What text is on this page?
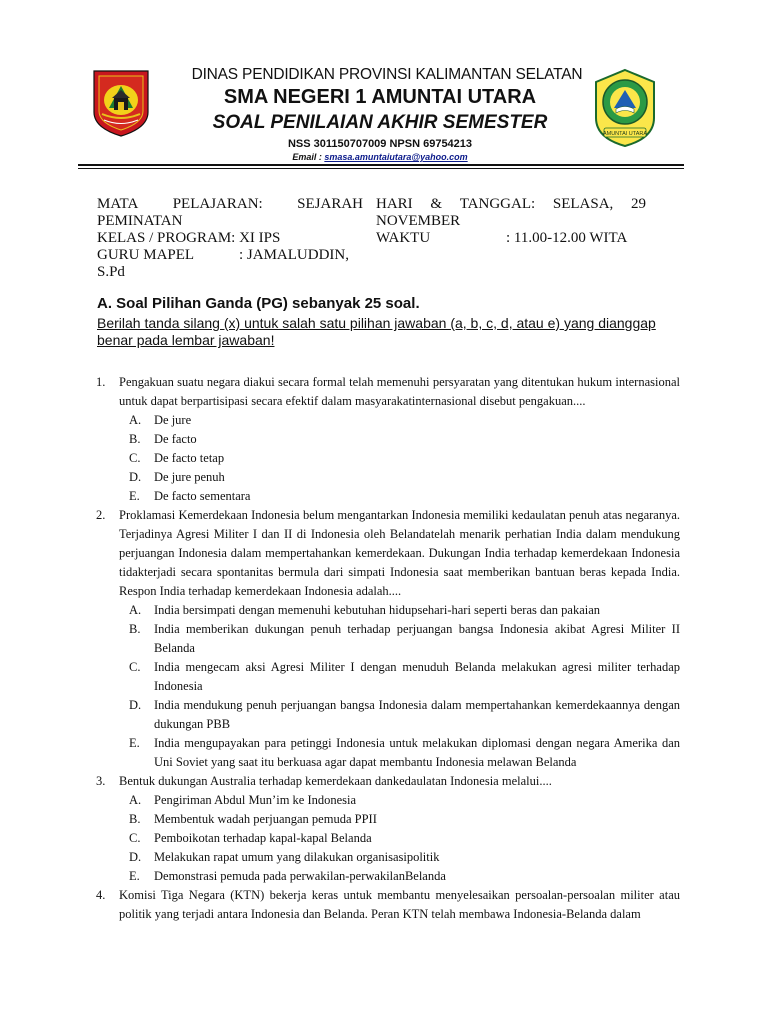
AMUNTAI UTARA
DINAS PENDIDIKAN PROVINSI KALIMANTAN SELATAN
SMA NEGERI 1 AMUNTAI UTARA
SOAL PENILAIAN AKHIR SEMESTER
NSS 301150707009 NPSN 69754213
Email : smasa.amuntaiutara@yahoo.com
MATA PELAJARAN: SEJARAH
PEMINATAN
KELAS / PROGRAM: XI IPS
GURU MAPEL	: JAMALUDDIN,
S.Pd
HARI & TANGGAL: SELASA, 29
NOVEMBER
WAKTU	: 11.00-12.00 WITA
A. Soal Pilihan Ganda (PG) sebanyak 25 soal.
Berilah tanda silang (x) untuk salah satu pilihan jawaban (a, b, c, d, atau e) yang dianggap benar pada lembar jawaban!
1. Pengakuan suatu negara diakui secara formal telah memenuhi persyaratan yang ditentukan hukum internasional untuk dapat berpartisipasi secara efektif dalam masyarakatinternasional disebut pengakuan....

A. De jure
B. De facto
C. De facto tetap
D. De jure penuh
E. De facto sementara
2. Proklamasi Kemerdekaan Indonesia belum mengantarkan Indonesia memiliki kedaulatan penuh atas negaranya. Terjadinya Agresi Militer I dan II di Indonesia oleh Belandatelah menarik perhatian India dalam mendukung perjuangan Indonesia dalam mempertahankan kemerdekaan. Dukungan India terhadap kemerdekaan Indonesia tidakterjadi secara spontanitas bermula dari simpati Indonesia saat memberikan bantuan beras kepada India. Respon India terhadap kemerdekaan Indonesia adalah....

A. India bersimpati dengan memenuhi kebutuhan hidupsehari-hari seperti beras dan pakaian
B. India memberikan dukungan penuh terhadap perjuangan bangsa Indonesia akibat Agresi Militer II Belanda
C. India mengecam aksi Agresi Militer I dengan menuduh Belanda melakukan agresi militer terhadap Indonesia
D. India mendukung penuh perjuangan bangsa Indonesia dalam mempertahankan kemerdekaannya dengan dukungan PBB
E. India mengupayakan para petinggi Indonesia untuk melakukan diplomasi dengan negara Amerika dan Uni Soviet yang saat itu berkuasa agar dapat membantu Indonesia melawan Belanda
3. Bentuk dukungan Australia terhadap kemerdekaan dankedaulatan Indonesia melalui....

A. Pengiriman Abdul Mun’im ke Indonesia
B. Membentuk wadah perjuangan pemuda PPII
C. Pemboikotan terhadap kapal-kapal Belanda
D. Melakukan rapat umum yang dilakukan organisasipolitik
E. Demonstrasi pemuda pada perwakilan-perwakilanBelanda
4. Komisi Tiga Negara (KTN) bekerja keras untuk membantu menyelesaikan persoalan-persoalan militer atau politik yang terjadi antara Indonesia dan Belanda. Peran KTN telah membawa Indonesia-Belanda dalam
